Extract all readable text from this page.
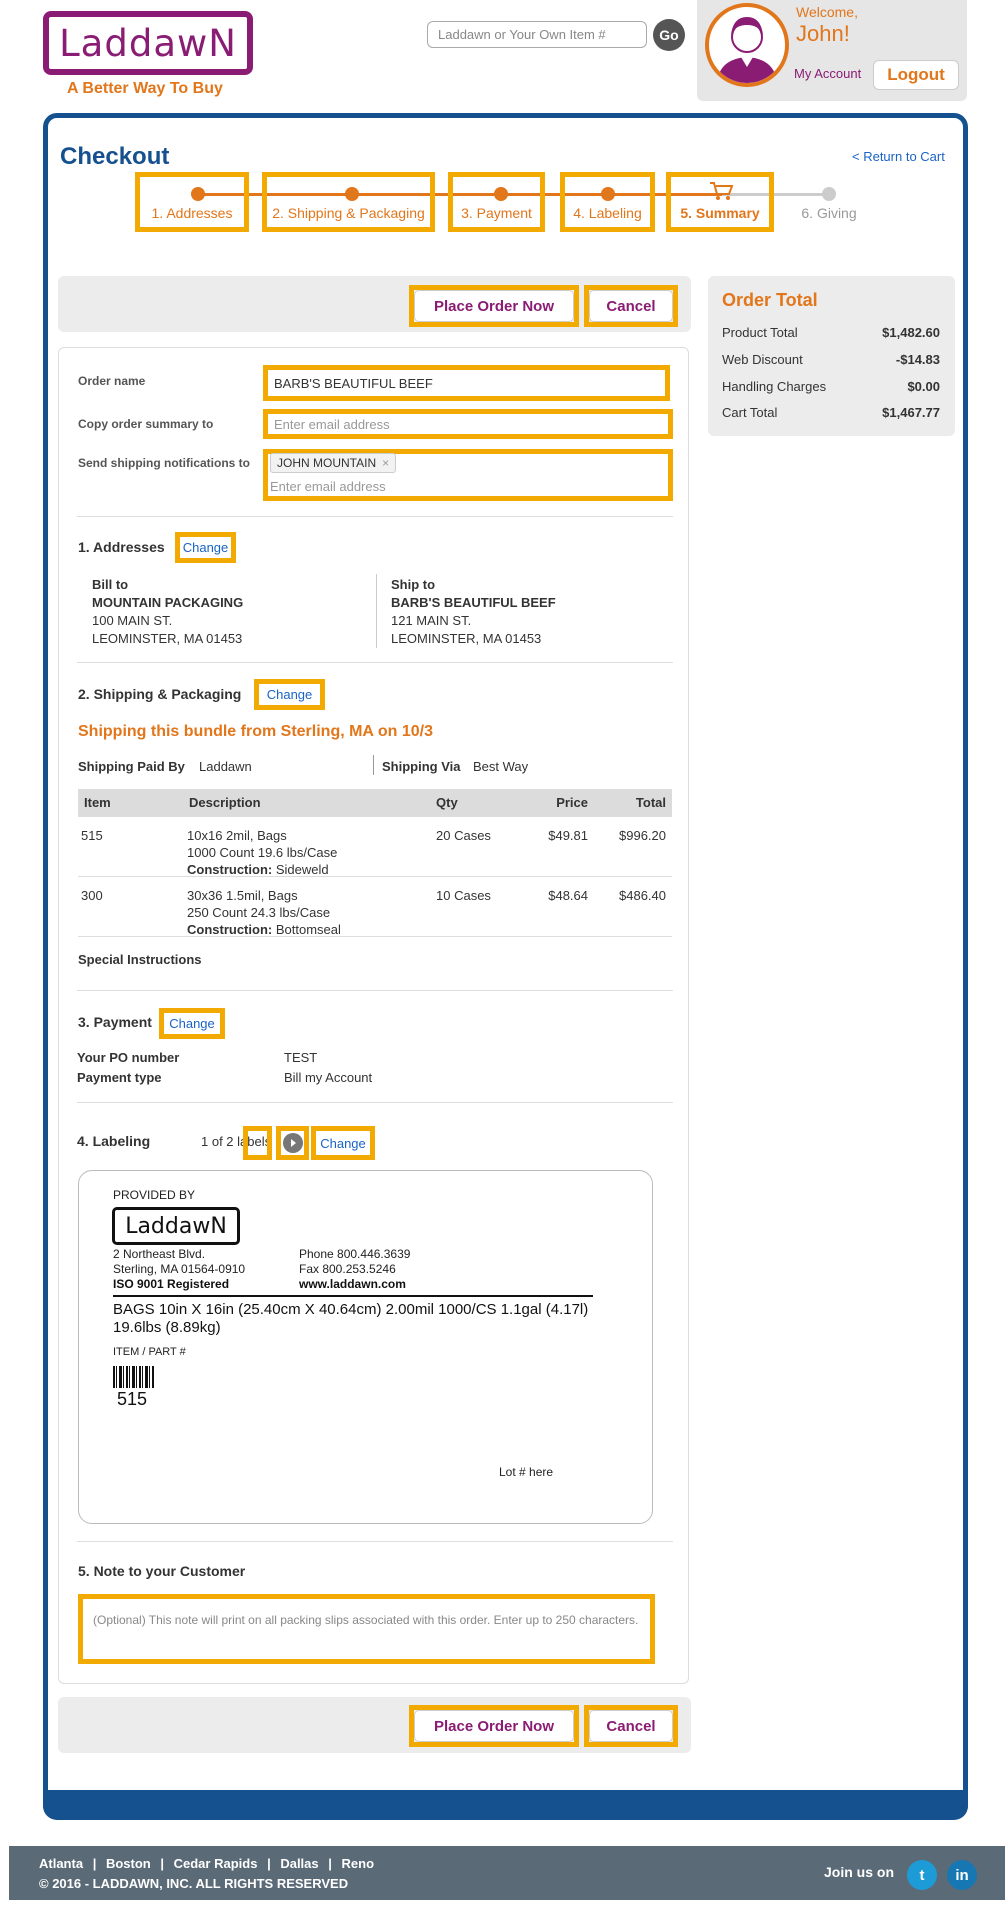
LaddawN
A Better Way To Buy
Laddawn or Your Own Item #	Go
Welcome,
John!
My Account	Logout
Checkout	< Return to Cart
1. Addresses	2. Shipping & Packaging	3. Payment	4. Labeling	5. Summary	6. Giving
Place Order Now	Cancel	Order Total
Product Total	$1,482.60
Web Discount	-$14.83
Handling Charges	$0.00
Cart Total	$1,467.77
Order name	BARB'S BEAUTIFUL BEEF
Copy order summary to	Enter email address
Send shipping notifications to JOHN MOUNTAIN ×
Enter email address
1. Addresses	Change
Bill to
MOUNTAIN PACKAGING
100 MAIN ST.
LEOMINSTER, MA 01453
Ship to
BARB'S BEAUTIFUL BEEF
121 MAIN ST.
LEOMINSTER, MA 01453
2. Shipping & Packaging	Change
Shipping this bundle from Sterling, MA on 10/3
Shipping Paid By Laddawn	Shipping Via Best Way
Item	Description	Qty	Price	Total
515	10x16 2mil, Bags
1000 Count 19.6 lbs/Case
Construction: Sideweld
20 Cases	$49.81	$996.20
300	30x36 1.5mil, Bags
250 Count 24.3 lbs/Case
Construction: Bottomseal
10 Cases	$48.64	$486.40
Special Instructions
3. Payment	Change
Your PO number	TEST
Payment type	Bill my Account
4. Labeling	1 of 2 labels	Change
PROVIDED BY
LaddawN
2 Northeast Blvd.
Sterling, MA 01564-0910
ISO 9001 Registered
Phone 800.446.3639
Fax 800.253.5246
www.laddawn.com
BAGS 10in X 16in (25.40cm X 40.64cm) 2.00mil 1000/CS 1.1gal (4.17l) 19.6lbs (8.89kg)
ITEM / PART #
515
Lot # here
5. Note to your Customer
(Optional) This note will print on all packing slips associated with this order. Enter up to 250 characters.
Place Order Now	Cancel
Atlanta | Boston | Cedar Rapids | Dallas | Reno
© 2016 - LADDAWN, INC. ALL RIGHTS RESERVED
Join us on	t	in
